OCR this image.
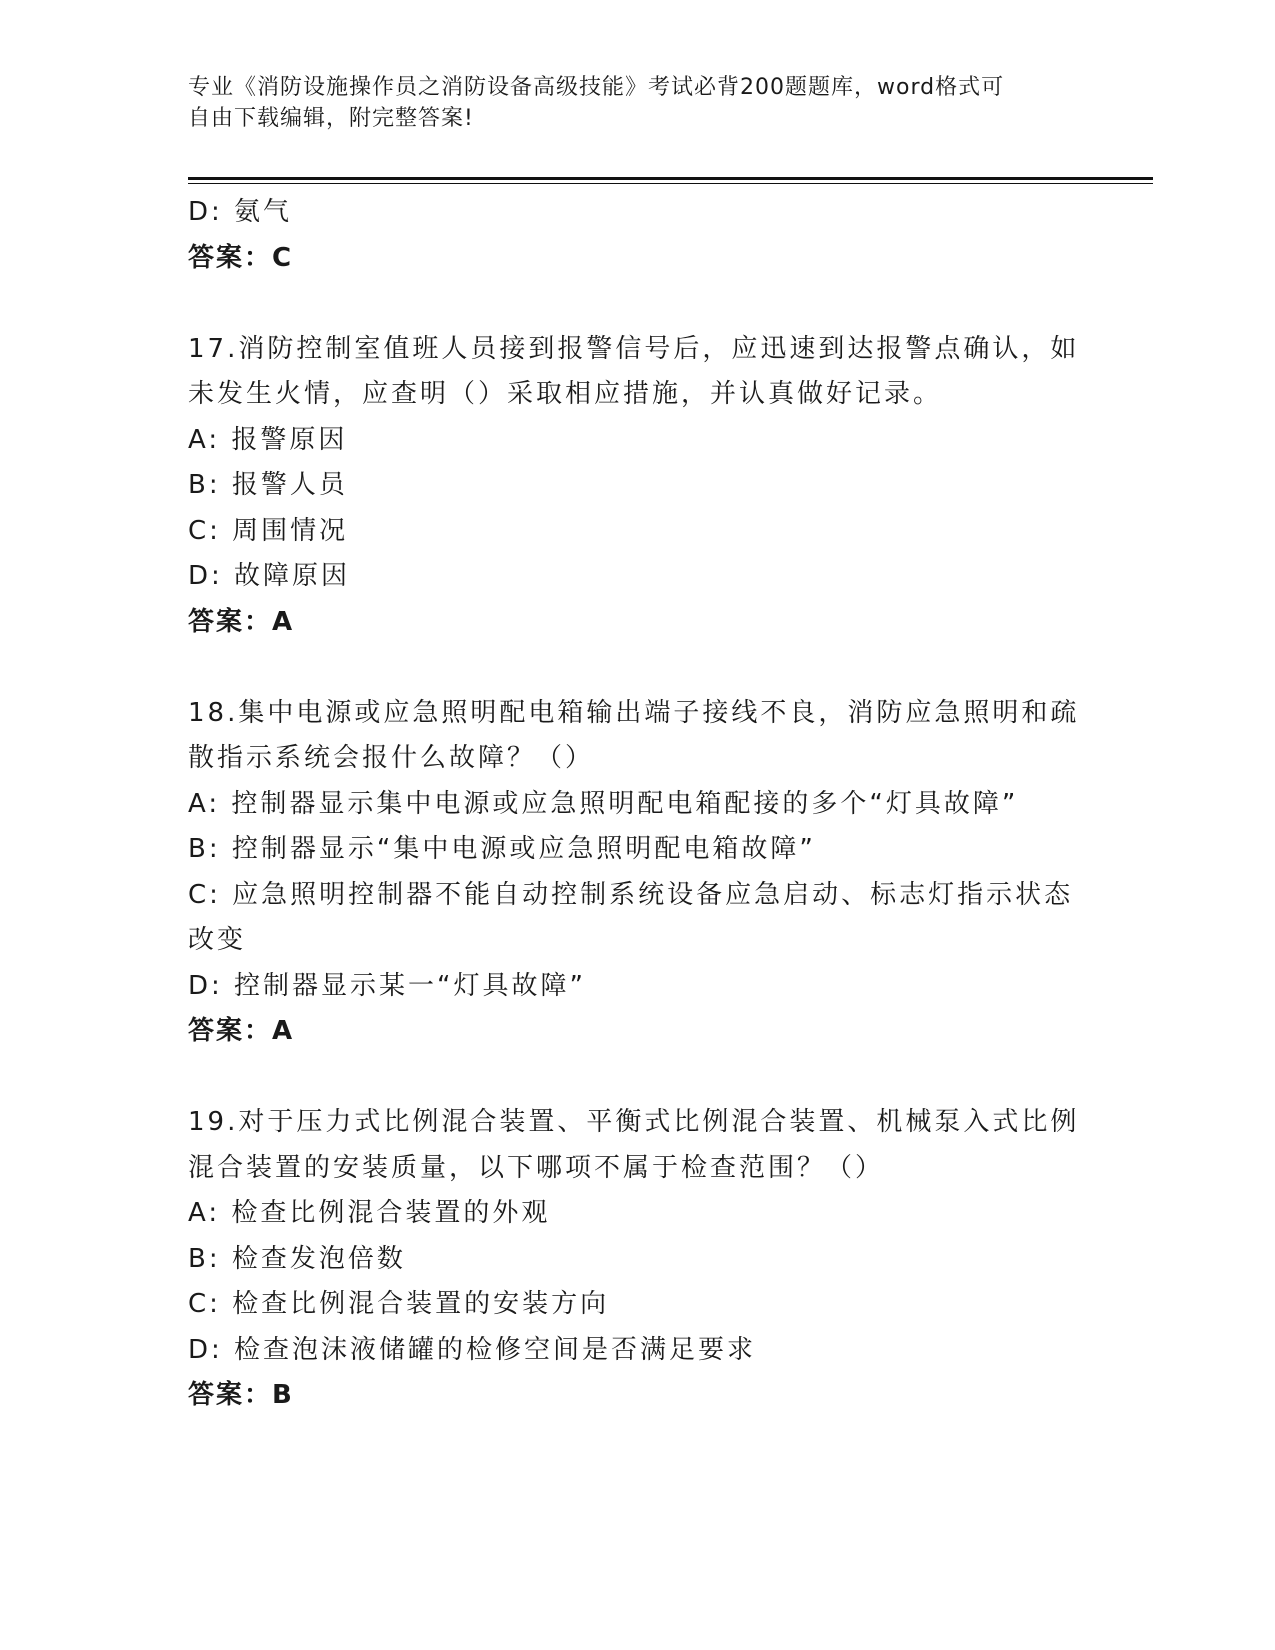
专业《消防设施操作员之消防设备高级技能》考试必背200题题库，word格式可
自由下载编辑，附完整答案!
D: 氨气
答案：C
17.消防控制室值班人员接到报警信号后，应迅速到达报警点确认，如
未发生火情，应查明（）采取相应措施，并认真做好记录。
A: 报警原因
B: 报警人员
C: 周围情况
D: 故障原因
答案：A
18.集中电源或应急照明配电箱输出端子接线不良，消防应急照明和疏
散指示系统会报什么故障？（）
A: 控制器显示集中电源或应急照明配电箱配接的多个“灯具故障”
B: 控制器显示“集中电源或应急照明配电箱故障”
C: 应急照明控制器不能自动控制系统设备应急启动、标志灯指示状态
改变
D: 控制器显示某一“灯具故障”
答案：A
19.对于压力式比例混合装置、平衡式比例混合装置、机械泵入式比例
混合装置的安装质量，以下哪项不属于检查范围？（）
A: 检查比例混合装置的外观
B: 检查发泡倍数
C: 检查比例混合装置的安装方向
D: 检查泡沫液储罐的检修空间是否满足要求
答案：B
